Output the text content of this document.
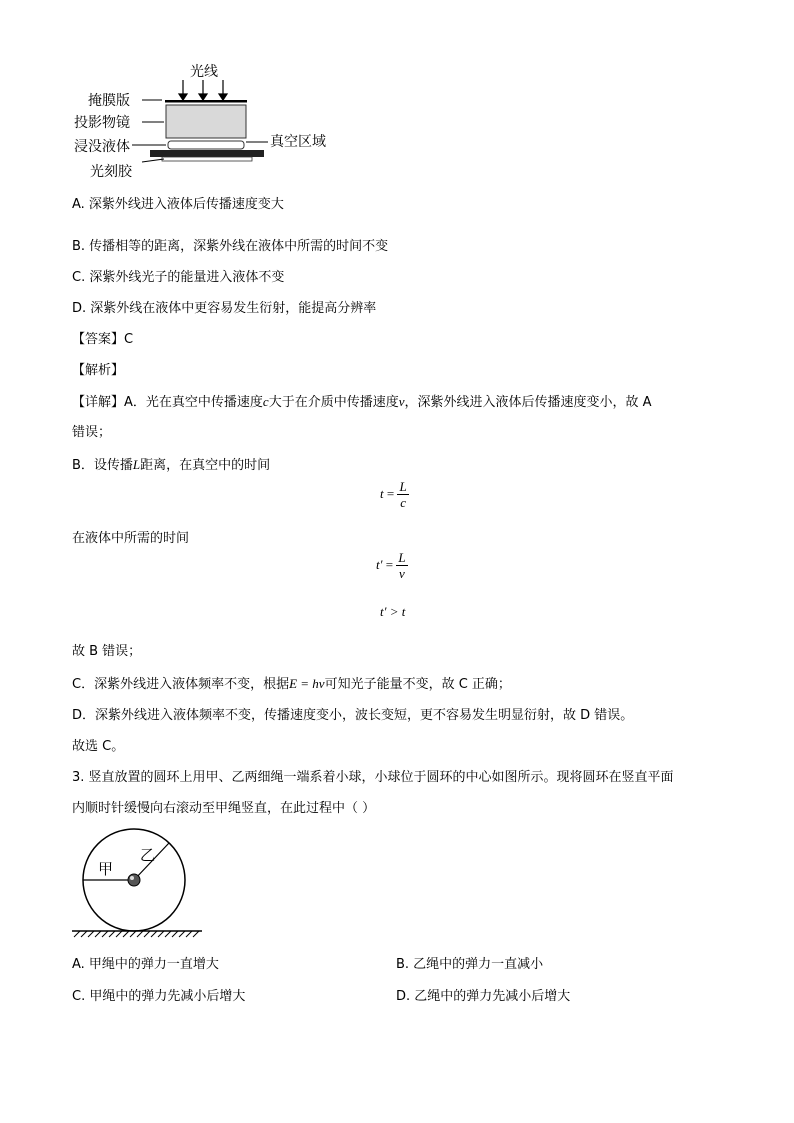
光线
掩膜版
投影物镜
浸没液体
光刻胶
真空区域
A. 深紫外线进入液体后传播速度变大
B. 传播相等的距离，深紫外线在液体中所需的时间不变
C. 深紫外线光子的能量进入液体不变
D. 深紫外线在液体中更容易发生衍射，能提高分辨率
【答案】C
【解析】
【详解】A．光在真空中传播速度c大于在介质中传播速度v，深紫外线进入液体后传播速度变小，故 A
错误；
B．设传播L距离，在真空中的时间
$t = \frac{L}{c}$
在液体中所需的时间
$t' = \frac{L}{v}$
t′ > t
故 B 错误；
C．深紫外线进入液体频率不变，根据E = hν可知光子能量不变，故 C 正确；
D．深紫外线进入液体频率不变，传播速度变小，波长变短，更不容易发生明显衍射，故 D 错误。
故选 C。
3. 竖直放置的圆环上用甲、乙两细绳一端系着小球，小球位于圆环的中心如图所示。现将圆环在竖直平面
内顺时针缓慢向右滚动至甲绳竖直，在此过程中（ ）
甲
乙
A. 甲绳中的弹力一直增大	B. 乙绳中的弹力一直减小
C. 甲绳中的弹力先减小后增大	D. 乙绳中的弹力先减小后增大
